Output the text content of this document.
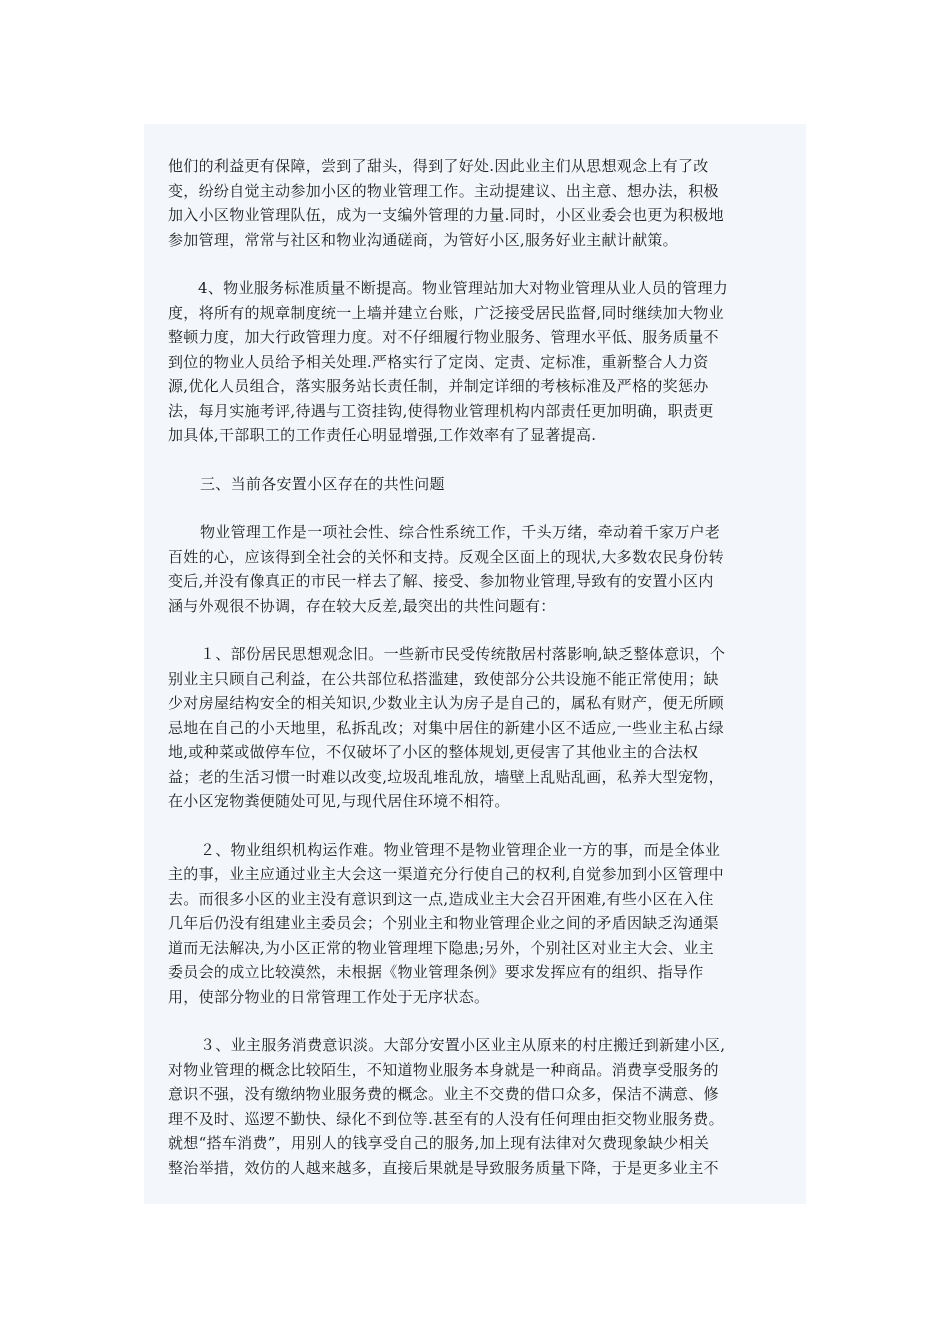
他们的利益更有保障，尝到了甜头，得到了好处.因此业主们从思想观念上有了改
变，纷纷自觉主动参加小区的物业管理工作。主动提建议、出主意、想办法，积极
加入小区物业管理队伍，成为一支编外管理的力量.同时，小区业委会也更为积极地
参加管理，常常与社区和物业沟通磋商，为管好小区,服务好业主献计献策。

4、物业服务标准质量不断提高。物业管理站加大对物业管理从业人员的管理力
度，将所有的规章制度统一上墙并建立台账，广泛接受居民监督,同时继续加大物业
整顿力度，加大行政管理力度。对不仔细履行物业服务、管理水平低、服务质量不
到位的物业人员给予相关处理.严格实行了定岗、定责、定标准，重新整合人力资
源,优化人员组合，落实服务站长责任制，并制定详细的考核标准及严格的奖惩办
法，每月实施考评,待遇与工资挂钩,使得物业管理机构内部责任更加明确，职责更
加具体,干部职工的工作责任心明显增强,工作效率有了显著提高.

三、当前各安置小区存在的共性问题

物业管理工作是一项社会性、综合性系统工作，千头万绪，牵动着千家万户老
百姓的心，应该得到全社会的关怀和支持。反观全区面上的现状,大多数农民身份转
变后,并没有像真正的市民一样去了解、接受、参加物业管理,导致有的安置小区内
涵与外观很不协调，存在较大反差,最突出的共性问题有：

１、部份居民思想观念旧。一些新市民受传统散居村落影响,缺乏整体意识，个
别业主只顾自己利益，在公共部位私搭滥建，致使部分公共设施不能正常使用；缺
少对房屋结构安全的相关知识,少数业主认为房子是自己的，属私有财产，便无所顾
忌地在自己的小天地里，私拆乱改；对集中居住的新建小区不适应,一些业主私占绿
地,或种菜或做停车位，不仅破坏了小区的整体规划,更侵害了其他业主的合法权
益；老的生活习惯一时难以改变,垃圾乱堆乱放，墙壁上乱贴乱画，私养大型宠物，
在小区宠物粪便随处可见,与现代居住环境不相符。

２、物业组织机构运作难。物业管理不是物业管理企业一方的事，而是全体业
主的事，业主应通过业主大会这一渠道充分行使自己的权利,自觉参加到小区管理中
去。而很多小区的业主没有意识到这一点,造成业主大会召开困难,有些小区在入住
几年后仍没有组建业主委员会；个别业主和物业管理企业之间的矛盾因缺乏沟通渠
道而无法解决,为小区正常的物业管理埋下隐患;另外，个别社区对业主大会、业主
委员会的成立比较漠然，未根据《物业管理条例》要求发挥应有的组织、指导作
用，使部分物业的日常管理工作处于无序状态。

３、业主服务消费意识淡。大部分安置小区业主从原来的村庄搬迁到新建小区,
对物业管理的概念比较陌生，不知道物业服务本身就是一种商品。消费享受服务的
意识不强，没有缴纳物业服务费的概念。业主不交费的借口众多，保洁不满意、修
理不及时、巡逻不勤快、绿化不到位等.甚至有的人没有任何理由拒交物业服务费。
就想“搭车消费”，用别人的钱享受自己的服务,加上现有法律对欠费现象缺少相关
整治举措，效仿的人越来越多，直接后果就是导致服务质量下降，于是更多业主不
